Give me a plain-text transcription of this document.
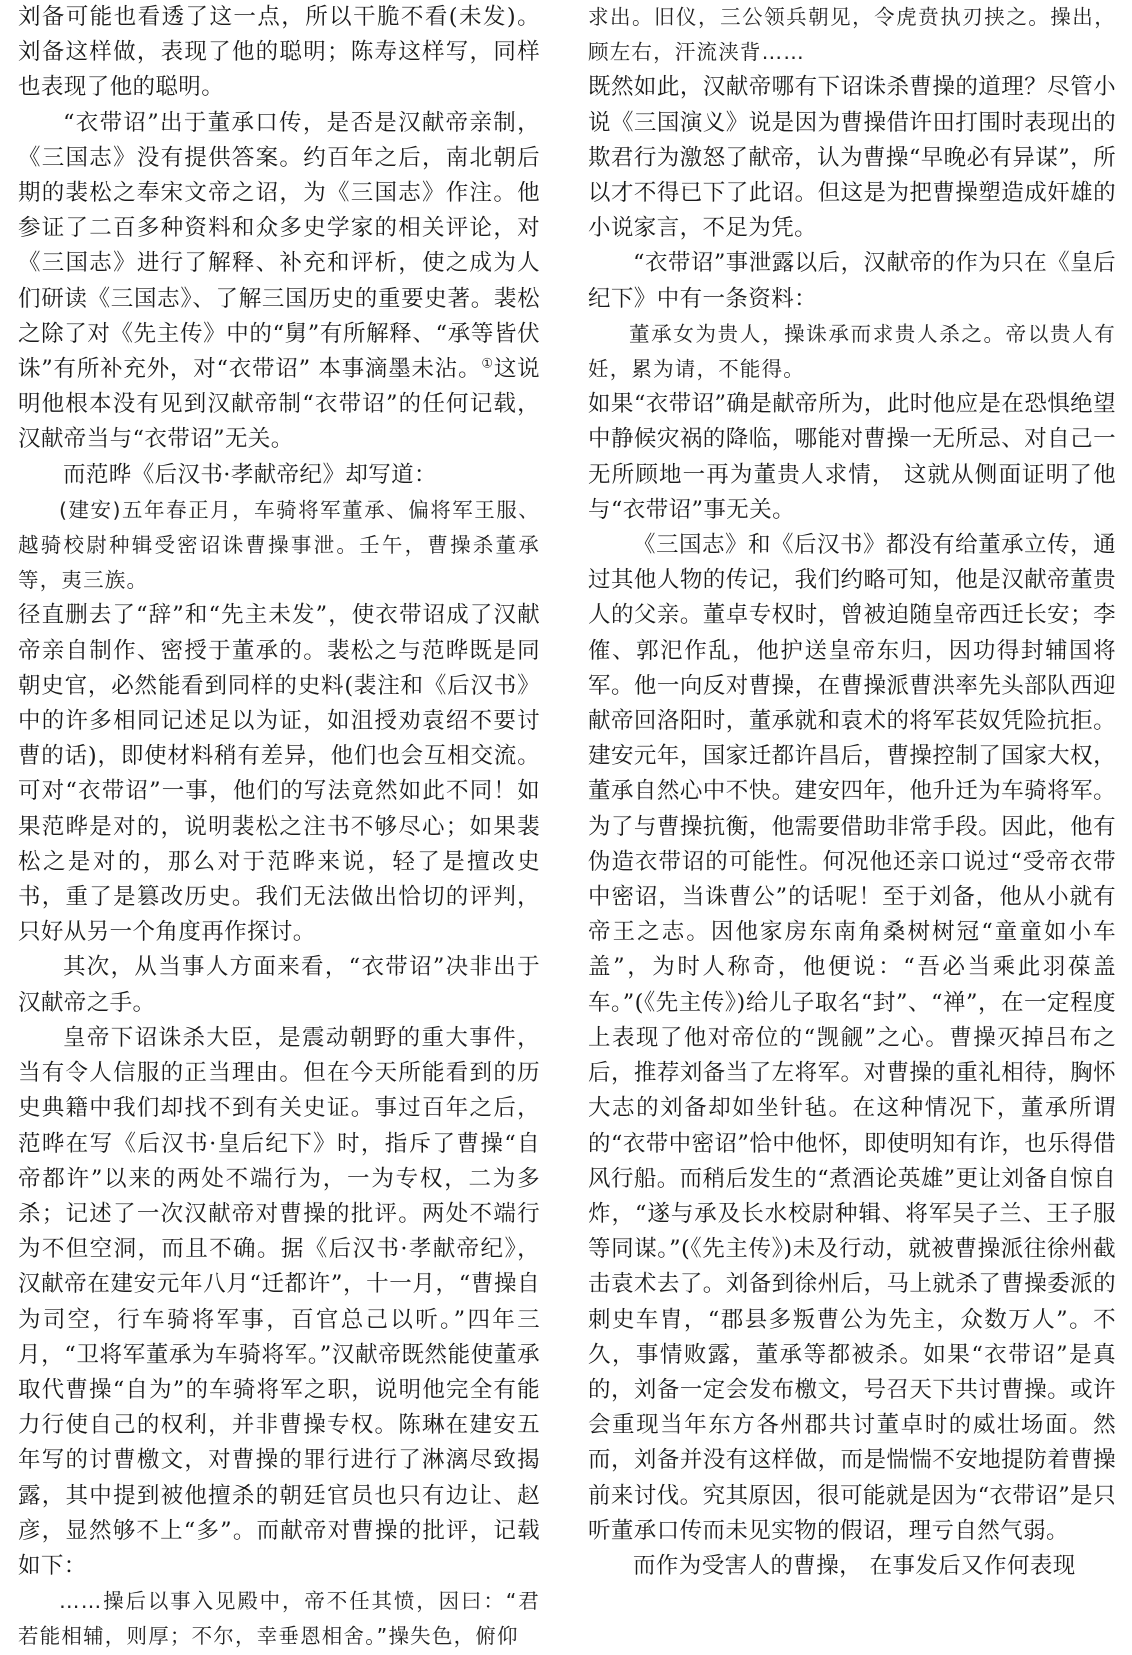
刘备可能也看透了这一点，所以干脆不看(未发)。刘备这样做，表现了他的聪明；陈寿这样写，同样也表现了他的聪明。

“衣带诏”出于董承口传，是否是汉献帝亲制，《三国志》没有提供答案。约百年之后，南北朝后期的裴松之奉宋文帝之诏，为《三国志》作注。他参证了二百多种资料和众多史学家的相关评论，对《三国志》进行了解释、补充和评析，使之成为人们研读《三国志》、了解三国历史的重要史著。裴松之除了对《先主传》中的“舅”有所解释、“承等皆伏诛”有所补充外，对“衣带诏” 本事滴墨未沾。①这说明他根本没有见到汉献帝制“衣带诏”的任何记载，汉献帝当与“衣带诏”无关。

而范晔《后汉书·孝献帝纪》却写道：

(建安)五年春正月，车骑将军董承、偏将军王服、越骑校尉种辑受密诏诛曹操事泄。壬午，曹操杀董承等，夷三族。

径直删去了“辞”和“先主未发”，使衣带诏成了汉献帝亲自制作、密授于董承的。裴松之与范晔既是同朝史官，必然能看到同样的史料(裴注和《后汉书》中的许多相同记述足以为证，如沮授劝袁绍不要讨曹的话)，即使材料稍有差异，他们也会互相交流。可对“衣带诏”一事，他们的写法竟然如此不同！如果范晔是对的，说明裴松之注书不够尽心；如果裴松之是对的，那么对于范晔来说，轻了是擅改史书，重了是篡改历史。我们无法做出恰切的评判，只好从另一个角度再作探讨。

其次，从当事人方面来看，“衣带诏”决非出于汉献帝之手。

皇帝下诏诛杀大臣，是震动朝野的重大事件，当有令人信服的正当理由。但在今天所能看到的历史典籍中我们却找不到有关史证。事过百年之后，范晔在写《后汉书·皇后纪下》时，指斥了曹操“自帝都许”以来的两处不端行为，一为专权，二为多杀；记述了一次汉献帝对曹操的批评。两处不端行为不但空洞，而且不确。据《后汉书·孝献帝纪》，汉献帝在建安元年八月“迁都许”，十一月，“曹操自为司空，行车骑将军事，百官总己以听。”四年三月，“卫将军董承为车骑将军。”汉献帝既然能使董承取代曹操“自为”的车骑将军之职，说明他完全有能力行使自己的权利，并非曹操专权。陈琳在建安五年写的讨曹檄文，对曹操的罪行进行了淋漓尽致揭露，其中提到被他擅杀的朝廷官员也只有边让、赵彦，显然够不上“多”。而献帝对曹操的批评，记载如下：

……操后以事入见殿中，帝不任其愤，因曰：“君若能相辅，则厚；不尔，幸垂恩相舍。”操失色，俯仰

求出。旧仪，三公领兵朝见，令虎贲执刃挟之。操出，顾左右，汗流浃背……

既然如此，汉献帝哪有下诏诛杀曹操的道理？尽管小说《三国演义》说是因为曹操借许田打围时表现出的欺君行为激怒了献帝，认为曹操“早晚必有异谋”，所以才不得已下了此诏。但这是为把曹操塑造成奸雄的小说家言，不足为凭。

“衣带诏”事泄露以后，汉献帝的作为只在《皇后纪下》中有一条资料：

董承女为贵人，操诛承而求贵人杀之。帝以贵人有妊，累为请，不能得。

如果“衣带诏”确是献帝所为，此时他应是在恐惧绝望中静候灾祸的降临，哪能对曹操一无所忌、对自己一无所顾地一再为董贵人求情， 这就从侧面证明了他与“衣带诏”事无关。

《三国志》和《后汉书》都没有给董承立传，通过其他人物的传记，我们约略可知，他是汉献帝董贵人的父亲。董卓专权时，曾被迫随皇帝西迁长安；李傕、郭汜作乱，他护送皇帝东归，因功得封辅国将军。他一向反对曹操，在曹操派曹洪率先头部队西迎献帝回洛阳时，董承就和袁术的将军苌奴凭险抗拒。建安元年，国家迁都许昌后，曹操控制了国家大权，董承自然心中不快。建安四年，他升迁为车骑将军。为了与曹操抗衡，他需要借助非常手段。因此，他有伪造衣带诏的可能性。何况他还亲口说过“受帝衣带中密诏，当诛曹公”的话呢！至于刘备，他从小就有帝王之志。因他家房东南角桑树树冠“童童如小车盖”，为时人称奇，他便说：“吾必当乘此羽葆盖车。”(《先主传》)给儿子取名“封”、“禅”，在一定程度上表现了他对帝位的“觊觎”之心。曹操灭掉吕布之后，推荐刘备当了左将军。对曹操的重礼相待，胸怀大志的刘备却如坐针毡。在这种情况下，董承所谓的“衣带中密诏”恰中他怀，即使明知有诈，也乐得借风行船。而稍后发生的“煮酒论英雄”更让刘备自惊自炸，“遂与承及长水校尉种辑、将军吴子兰、王子服等同谋。”(《先主传》)未及行动，就被曹操派往徐州截击袁术去了。刘备到徐州后，马上就杀了曹操委派的刺史车胄，“郡县多叛曹公为先主，众数万人”。不久，事情败露，董承等都被杀。如果“衣带诏”是真的，刘备一定会发布檄文，号召天下共讨曹操。或许会重现当年东方各州郡共讨董卓时的威壮场面。然而，刘备并没有这样做，而是惴惴不安地提防着曹操前来讨伐。究其原因，很可能就是因为“衣带诏”是只听董承口传而未见实物的假诏，理亏自然气弱。

而作为受害人的曹操， 在事发后又作何表现
